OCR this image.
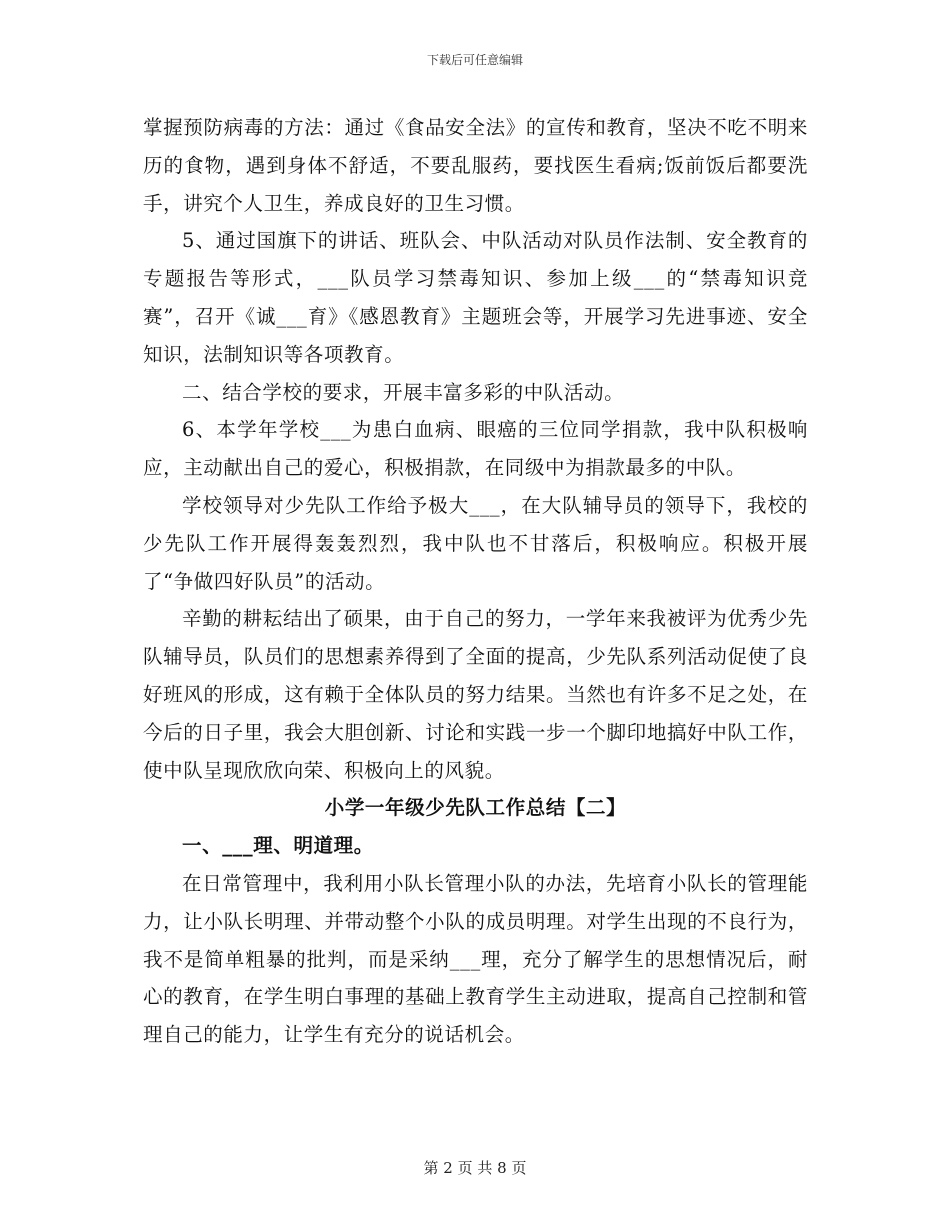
下载后可任意编辑

掌握预防病毒的方法：通过《食品安全法》的宣传和教育，坚决不吃不明来历的食物，遇到身体不舒适，不要乱服药，要找医生看病;饭前饭后都要洗手，讲究个人卫生，养成良好的卫生习惯。

5、通过国旗下的讲话、班队会、中队活动对队员作法制、安全教育的专题报告等形式，___队员学习禁毒知识、参加上级___的“禁毒知识竞赛”，召开《诚___育》《感恩教育》主题班会等，开展学习先进事迹、安全知识，法制知识等各项教育。

二、结合学校的要求，开展丰富多彩的中队活动。

6、本学年学校___为患白血病、眼癌的三位同学捐款，我中队积极响应，主动献出自己的爱心，积极捐款，在同级中为捐款最多的中队。

学校领导对少先队工作给予极大___，在大队辅导员的领导下，我校的少先队工作开展得轰轰烈烈，我中队也不甘落后，积极响应。积极开展了“争做四好队员”的活动。

辛勤的耕耘结出了硕果，由于自己的努力，一学年来我被评为优秀少先队辅导员，队员们的思想素养得到了全面的提高，少先队系列活动促使了良好班风的形成，这有赖于全体队员的努力结果。当然也有许多不足之处，在今后的日子里，我会大胆创新、讨论和实践一步一个脚印地搞好中队工作，使中队呈现欣欣向荣、积极向上的风貌。

小学一年级少先队工作总结【二】

一、___理、明道理。

在日常管理中，我利用小队长管理小队的办法，先培育小队长的管理能力，让小队长明理、并带动整个小队的成员明理。对学生出现的不良行为，我不是简单粗暴的批判，而是采纳___理，充分了解学生的思想情况后，耐心的教育，在学生明白事理的基础上教育学生主动进取，提高自己控制和管理自己的能力，让学生有充分的说话机会。

第 2 页 共 8 页
